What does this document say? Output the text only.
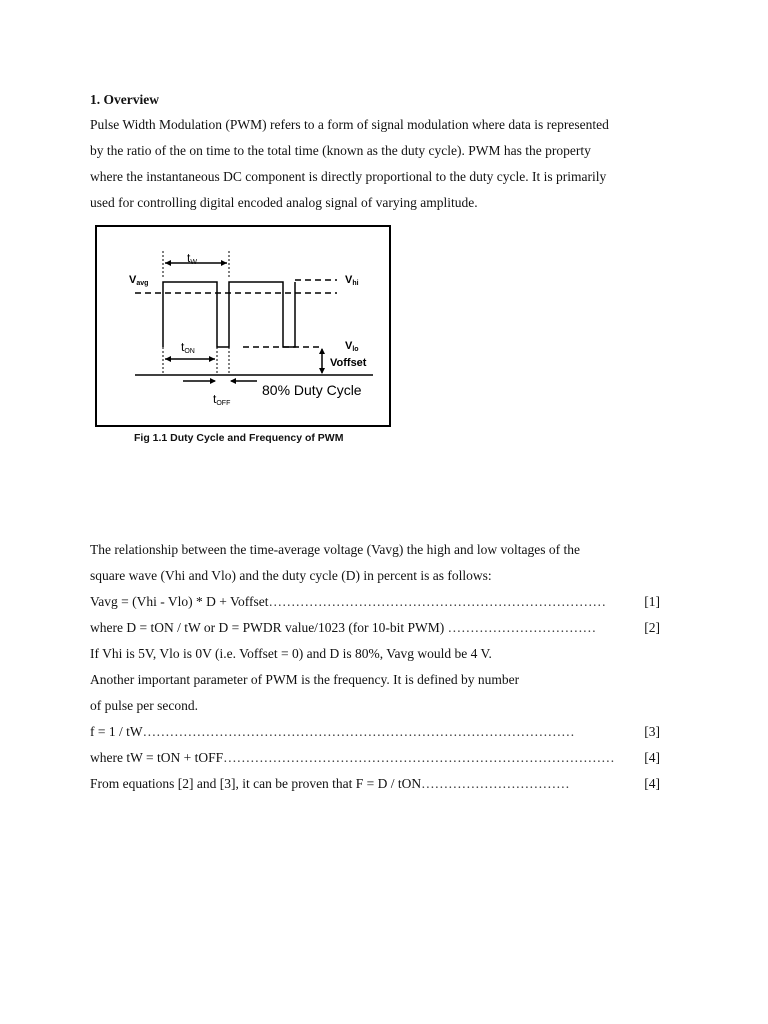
1. Overview
Pulse Width Modulation (PWM) refers to a form of signal modulation where data is represented
by the ratio of the on time to the total time (known as the duty cycle). PWM has the property
where the instantaneous DC component is directly proportional to the duty cycle. It is primarily
used for controlling digital encoded analog signal of varying amplitude.
tW
Vavg	Vhi
tON	Vlo
Voffset
tOFF
80% Duty Cycle
Fig 1.1 Duty Cycle and Frequency of PWM
The relationship between the time-average voltage (Vavg) the high and low voltages of the
square wave (Vhi and Vlo) and the duty cycle (D) in percent is as follows:
Vavg = (Vhi - Vlo) * D + Voffset…………………………………………………………………	[1]
where D = tON / tW or D = PWDR value/1023 (for 10-bit PWM) ……………………………	[2]
If Vhi is 5V, Vlo is 0V (i.e. Voffset = 0) and D is 80%, Vavg would be 4 V.
Another important parameter of PWM is the frequency. It is defined by number
of pulse per second.
f = 1 / tW……………………………………………………………………………………	[3]
where tW = tON + tOFF…………………………………………………………………………… [4]
From equations [2] and [3], it can be proven that F = D / tON……………………………	[4]
